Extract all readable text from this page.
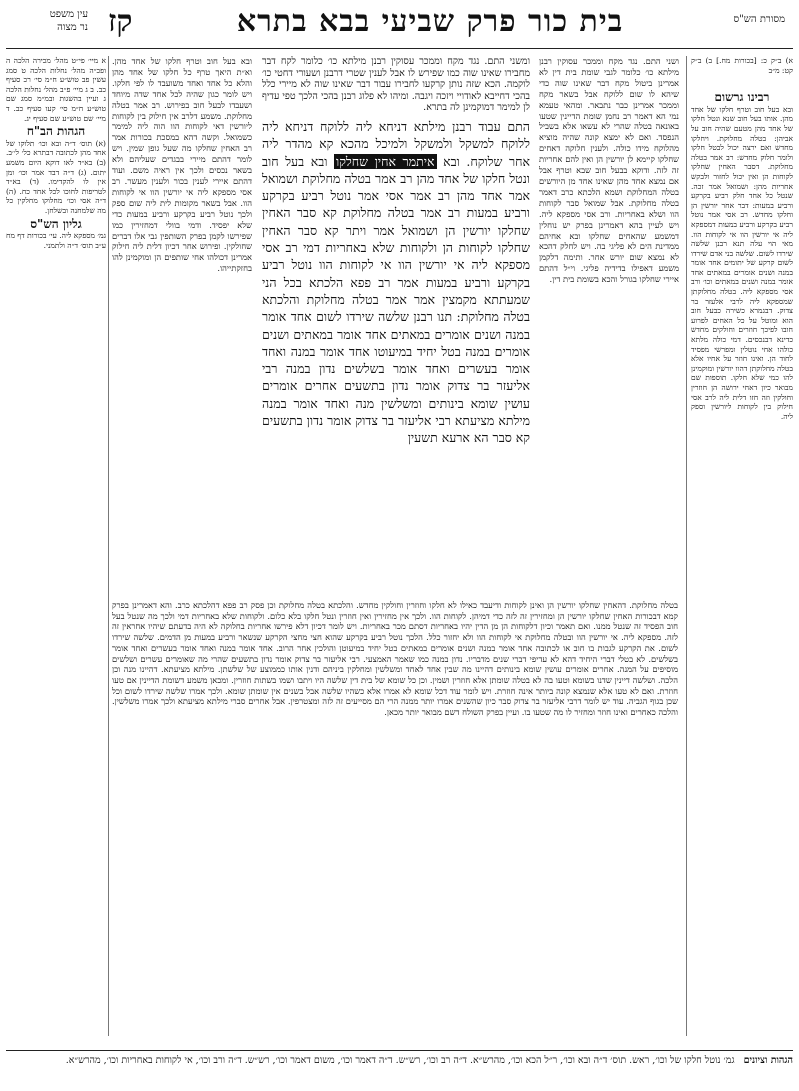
עין משפט
נר מצוה קז	בית כור פרק שביעי בבא בתרא	מסורת הש"ס

א מיי׳ פי״ט מהל׳ מכירה הלכה ה ופכ״ה מהל׳ נחלות הלכה ט סמג עשין פב טוש״ע ח״מ סי׳ רכ סעיף כב. ב ג מיי׳ פ״ב מהל׳ נחלות הלכה ג ועיין בהשגות ובמ״מ סמג שם טוש״ע ח״מ סי׳ קעו סעיף כב. ד מיי׳ שם טוש״ע שם סעיף יג.

הגהות הב"ח

(א) תוס׳ ד״ה ובא וכו׳ תלוקו של אחד מהן לכתובה דבתרא כל׳ ל׳׳ב. (ב) בא״ד לאו דוקא היום משמע יתום. (ג) ד״ה דבד אמר וכו׳ ומן אין לו להקדימו. (ד) בא״ד לטריפות לחוכו לכל אחד כח. (ה) ד״ה אסי וכו׳ מחלוקו מחלקין כל מה שלמחנה ובשלחן.

גליון הש"ס

גמ׳ מספקא ליה. עי׳ בכורות דף מח ע״ב תוס׳ ד״ה ולתמני.

א) ב״ק כ: [בכורות מח.] ב) ב״ק קט: מ״ב

רבינו גרשום

ובא בעל חוב וטרף חלקו של אחד מהן. אותו בעל חוב שנא ונטל חלקו של אחד מהן מטעם שהיה חוב על אביהן: בטלה מחלוקת. ויחלקו מחדש ואם ירצה יכול לבטל חלקו ולומר חלוק מחדש: רב אמר בטלה מחלוקת. דסבר האחין שחלקו לקוחות הן ואין יכול לחזור ולבקש אחריות מהן: ושמואל אמר זכה. שנטל כל אחד חלק רביע בקרקע ורביע במעות: דבר אחר יורשין הן וחלקו מחדש. רב אסי אמר נוטל רביע בקרקע ורביע במעות דמספקא ליה אי יורשין הוו אי לקוחות הוו. מאי הוי עלה תנא רבנן שלשה שירדו לשום. שלשה בני אדם שירדו לשום קרקע של יתומים אחד אומר במנה ושנים אומרים במאתים אחד אומר במנה ושנים במאתים וכו׳ ורב אסי מספקא ליה. בטלה מחלוקתן שמספקא ליה לרבי אלעזר בר צדוק. דבגמרא כשירה כבעל חוב הוא ומוטל על כל האחים לפרוע חובו לפיכך חוזרים וחולקים מחדש כדינא דבנכסים. דמי כולה מלתא כולהו אחי נוטלין ומפרשי מפסיד לחוד הן. ואינו חוזר על אחיו אלא בטלה מחלוקתן דהוו יורשין ומוקמינן להו כמי שלא חלקו. תוספות שם מבואר כיון דאחי ירושה הן חוזרין וחולקין וזה חזו דלית ליה לרב אסי חילוק בין לקוחות ליורשין וספק ליה.

ושני התם. נגד מקח וממכר עסוקין רבנן מילתא כו׳ כלומר לגבי שומת בית דין לא אמרינן ביטול מקח דבר שאינו שוה כדי שיהא לו שום ללוקח אבל בשאר מקח וממכר אמרינן כבר נתבאר. ומהאי טעמא נמי הא דאמר רב נחמן שומת הדיינין שטעו באונאה בטלה שהרי לא עשאו אלא בשביל הנפסד. ואם לא ימצא קונה שהיה מוציא מהלוקח מידו כולה. ולענין חלוקה דאחים שחלקו קיימא לן יורשין הן ואין להם אחריות זה לזה. ודוקא בבעל חוב שבא וטרף אבל אם נמצא אחד מהן שאינו אחד מן היורשים בטלה המחלוקת ושמא הלכתא כרב דאמר בטלה מחלוקת. אבל שמואל סבר לקוחות הוו ושלא באחריות. ורב אסי מספקא ליה. ויש לעיין בהא דאמרינן בפרק יש נוחלין דמשמע שהאחים שחלקו ובא אחיהם ממדינת הים לא פליגי בה. ויש לחלק דהכא לא נמצא שום יורש אחר. ותימה דלקמן משמע דאפילו בדידיה פליגי. וי״ל דהתם איירי שחלקו בגורל והכא בשומת בית דין.
ובא בעל חוב וטרף חלקו של אחד מהן. וא״ת היאך טרף כל חלקו של אחד מהן והלא כל אחד ואחד משועבד לו לפי חלקו. ויש לומר כגון שהיה לכל אחד שדה מיוחד ושעבדו לבעל חוב בפירוש. רב אמר בטלה מחלוקת. משמע דלרב אין חילוק בין לקוחות ליורשין דאי לקוחות הוו הוה ליה למימר כשמואל. וקשה דהא במסכת בכורות אמר רב האחין שחלקו מה שעל גופן שמין. ויש לומר דהתם מיירי בבגדים שעליהם ולא בשאר נכסים ולכך אין ראיה משם. ועוד דהתם איירי לענין בכור ולענין מעשר. רב אסי מספקא ליה אי יורשין הוו אי לקוחות הוו. אבל בשאר מקומות לית ליה שום ספק ולכך נוטל רביע בקרקע ורביע במעות כדי שלא יפסיד. ודמי בוולי דמחזירין כמו שפירשו לקמן בפרק השותפין גבי אלו דברים שחולקין. ופירוש אחר דכיון דלית ליה חילוק אמרינן דכולהו אחי שותפים הן ומוקמינן להו בחזקתייהו.
ומשני התם. נגד מקח וממכר עסוקין רבנן מילתא כו׳ כלומר לקח דבר מחבירו שאינו שוה כמו שפירש לו אבל לענין שטרי דרבנן ושעורי דחטי כו׳ לוקמה. הכא שזה נותן קרקעו לחבירו עבור דבר שאינו שוה לא מיירי כלל בהכי דחייבא לאודויי ויזכה ויגבה. ומיהו לא פלוג רבנן בהכי הלכך טפי עדיף לן למימר דמוקמינן לה בתרא.
התם עבוד רבנן מילתא דניחא ליה ללוקח דניחא ליה ללוקח למשקל ולמשקל ולמיכל מהכא קא מהדר ליה אחר שלוקח. ובא איתמר אחין שחלקו ובא בעל חוב ונטל חלקו של אחד מהן רב אמר בטלה מחלוקת ושמואל אמר אחד מהן רב אמר אסי אמר נוטל רביע בקרקע ורביע במעות רב אמר בטלה מחלוקת קא סבר האחין שחלקו יורשין הן ושמואל אמר ויתר קא סבר האחין שחלקו לקוחות הן ולקוחות שלא באחריות דמי רב אסי מספקא ליה אי יורשין הוו אי לקוחות הוו נוטל רביע בקרקע ורביע במעות אמר רב פפא הלכתא בכל הני שמעתתא מקמצין אמר אמר בטלה מחלוקת והלכתא בטלה מחלוקת: תנו רבנן שלשה שירדו לשום אחד אומר במנה ושנים אומרים במאתים אחד אומר במאתים ושנים אומרים במנה בטל יחיד במיעוטו אחד אומר במנה ואחד אומר בעשרים ואחד אומר בשלשים נדון במנה רבי אליעזר בר צדוק אומר נדון בתשעים אחרים אומרים עושין שומא בינותים ומשלשין מנה ואחד אומר במנה מילתא מציעתא רבי אליעזר בר צדוק אומר נדון בתשעים קא סבר הא ארעא תשעין
בטלה מחלוקת. דהאחין שחלקו יורשין הן ואינן לקוחות ודיעבד כאילו לא חלקו וחוזרין וחולקין מחדש. והלכתא בטלה מחלוקת וכן פסק רב פפא דהלכתא כרב. והא דאמרינן בפרק קמא דבכורות האחין שחלקו יורשין הן ומחזירין זה לזה כדי דמיהן. לקוחות הוו. ולכך אין מחזירין ואין חוזרין ונטל חלקו בלא כלום. ולקוחות שלא באחריות דמי ולכך מה שנטל בעל חוב הפסיד זה שנטל ממנו. ואם תאמר וכיון דלקוחות הן מן הדין יהיו באחריות דסתם מכר באחריות. ויש לומר דכיון דלא פירשו אחריות בחלוקה לא היה בדעתם שיהיו אחראין זה לזה. מספקא ליה. אי יורשין הוו ובטלה מחלוקת אי לקוחות הוו ולא יחזור כלל. הלכך נוטל רביע בקרקע שהוא חצי מחצי הקרקע שנשאר ורביע במעות מן הדמים. שלשה שירדו לשום. את הקרקע לגבות בו חוב או לכתובה אחד אומר במנה ושנים אומרים במאתים בטל יחיד במיעוטן והולכין אחר הרוב. אחד אומר במנה ואחד אומר בעשרים ואחד אומר בשלשים. לא בטלי דברי היחיד דהא לא עדיפי דברי שנים מדבריו. נדון במנה כמו שאמר האמצעי. רבי אליעזר בר צדוק אומר נדון בתשעים שהרי מה שאומרים עשרים ושלשים מוסיפים על המנה. אחרים אומרים עושין שומא בינותים דהיינו מה שבין אחד לאחד ומשלשין ומחלקין ביניהם ודנין אותו כממוצע של שלשתן. מילתא מציעתא. דהיינו מנה וכן הלכה. ושלשה דיינין שדנו בשומא וטעו בה לא בטלה שומתן אלא חוזרין ושמין. וכן כל שומא של בית דין שלשה היו ויתבו ושמו בשתות חוזרין. ומכאן משמע דשומת הדיינין אם טעו חוזרת. ואם לא טעו אלא שנמצא קונה ביותר אינה חוזרת. ויש לומר עוד דכל שומא לא אמרו אלא כשהיו שלשה אבל בשנים אין שומתן שומא. ולכך אמרו שלשה שירדו לשום וכל שכן בגוף הגביה. עוד יש לומר דרבי אליעזר בר צדוק סבר כיון שהשנים אמרו יותר ממנה הרי הם מסייעים זה לזה ומצטרפין. אבל אחרים סברי מילתא מציעתא ולכך אמרו משלשין. והלכה כאחרים ואינו חוזר ומחזיר לו מה שטעו בו. ועיין בפרק השולח דשם מבואר יותר מכאן.
הגהות וציונים   גמ׳ נוטל חלקו של וכו׳, ראש. תוס׳ ד״ה ובא וכו׳, ר״ל הכא וכו׳, מהרש״א. ד״ה רב וכו׳, רש״ש. ד״ה דאמר וכו׳, משום דאמר וכו׳, רש״ש. ד״ה ורב וכו׳, אי לקוחות באחריות וכו׳, מהרש״א.
